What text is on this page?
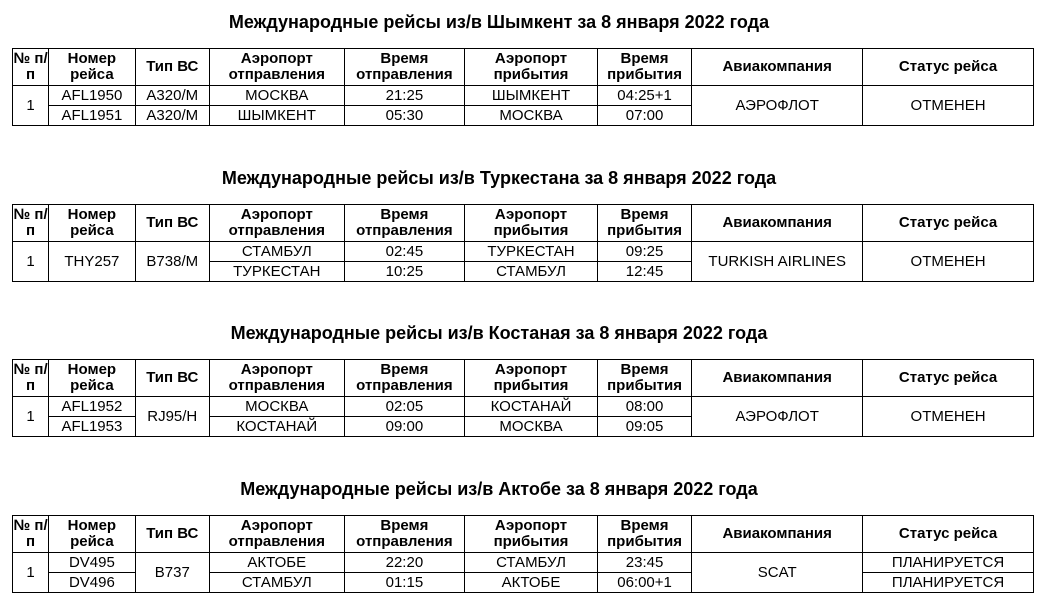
Международные рейсы из/в Шымкент за 8 января 2022 года
№ п/п	Номер рейса	Тип ВС	Аэропорт отправления	Время отправления	Аэропорт прибытия	Время прибытия	Авиакомпания	Статус рейса
1	AFL1950	A320/M	МОСКВА	21:25	ШЫМКЕНТ	04:25+1	АЭРОФЛОТ	ОТМЕНЕН
	AFL1951	A320/M	ШЫМКЕНТ	05:30	МОСКВА	07:00		
Международные рейсы из/в Туркестана за 8 января 2022 года
№ п/п	Номер рейса	Тип ВС	Аэропорт отправления	Время отправления	Аэропорт прибытия	Время прибытия	Авиакомпания	Статус рейса
1	THY257	B738/M	СТАМБУЛ	02:45	ТУРКЕСТАН	09:25	TURKISH AIRLINES	ОТМЕНЕН
			ТУРКЕСТАН	10:25	СТАМБУЛ	12:45		
Международные рейсы из/в Костаная за 8 января 2022 года
№ п/п	Номер рейса	Тип ВС	Аэропорт отправления	Время отправления	Аэропорт прибытия	Время прибытия	Авиакомпания	Статус рейса
1	AFL1952	RJ95/H	МОСКВА	02:05	КОСТАНАЙ	08:00	АЭРОФЛОТ	ОТМЕНЕН
	AFL1953		КОСТАНАЙ	09:00	МОСКВА	09:05		
Международные рейсы из/в Актобе за 8 января 2022 года
№ п/п	Номер рейса	Тип ВС	Аэропорт отправления	Время отправления	Аэропорт прибытия	Время прибытия	Авиакомпания	Статус рейса
1	DV495	B737	АКТОБЕ	22:20	СТАМБУЛ	23:45	SCAT	ПЛАНИРУЕТСЯ
	DV496		СТАМБУЛ	01:15	АКТОБЕ	06:00+1		ПЛАНИРУЕТСЯ
